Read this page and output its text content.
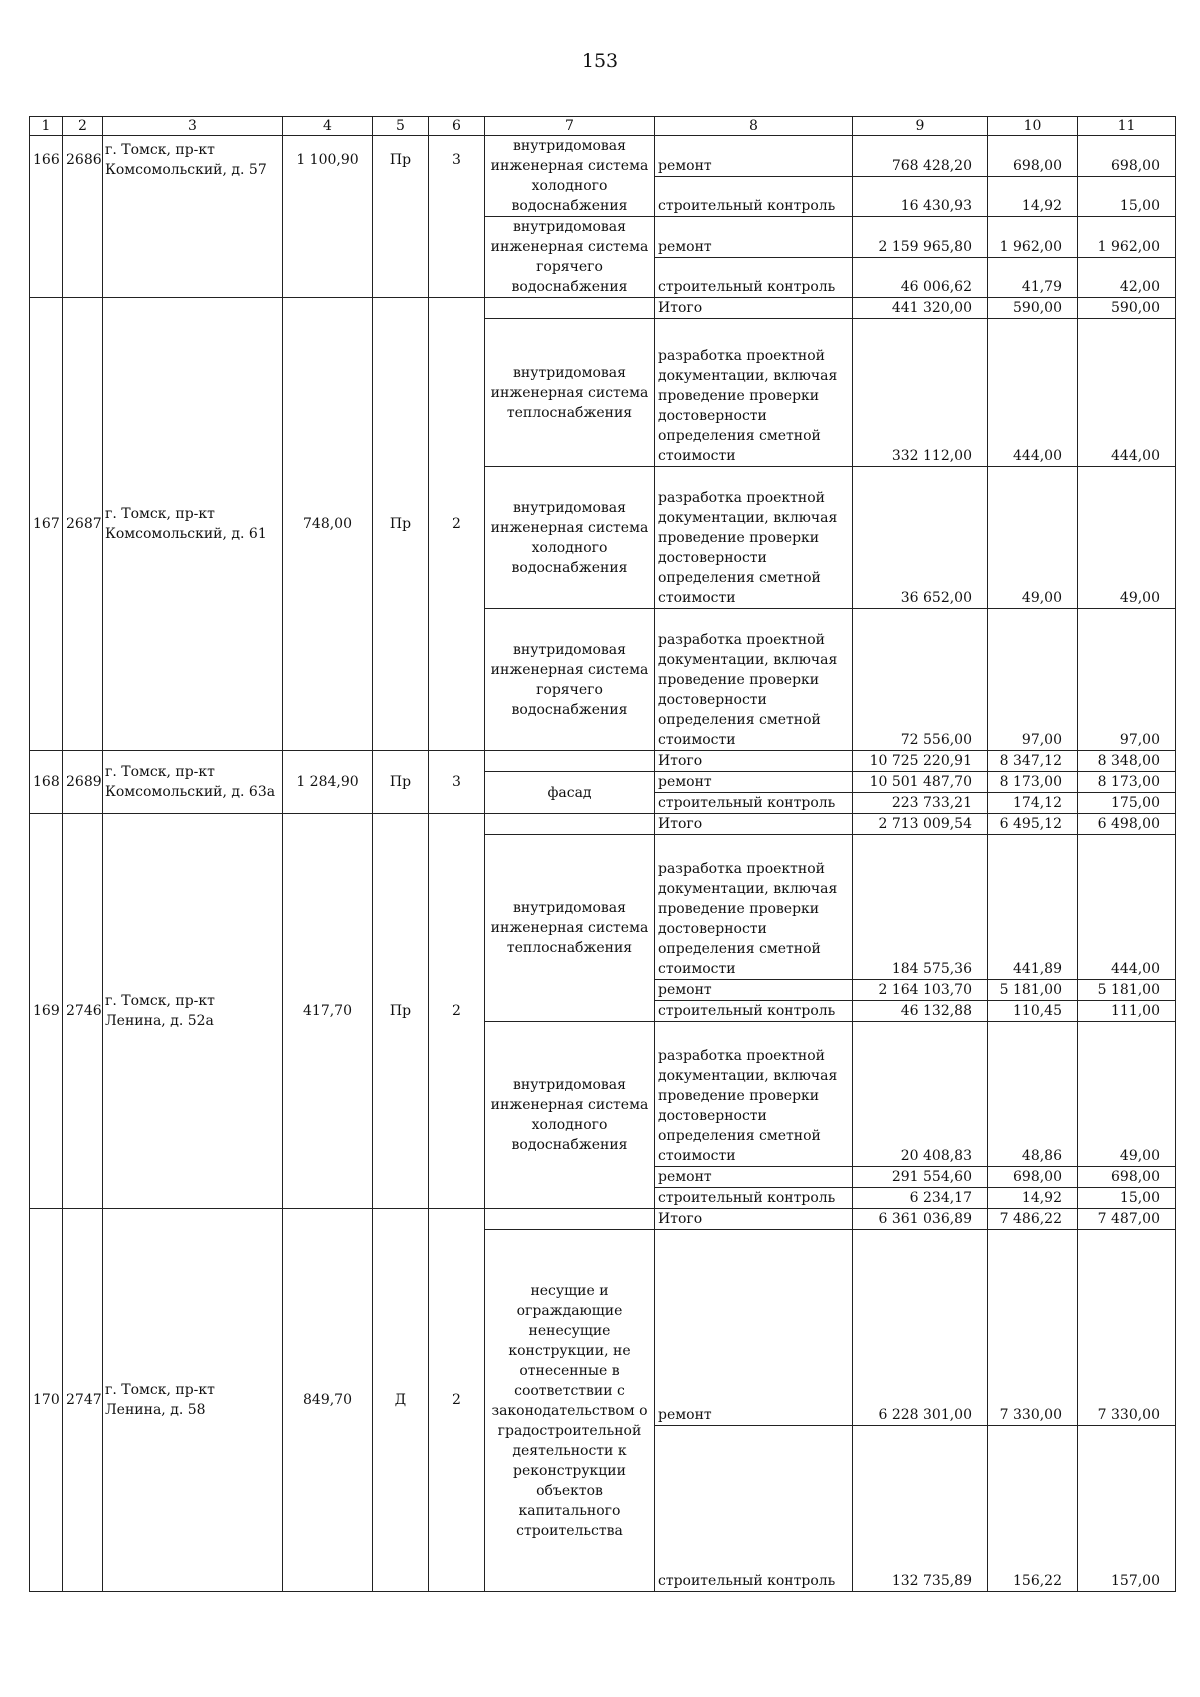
153
1	2	3	4	5	6	7	8	9	10	11
166	2686	г. Томск, пр-кт Комсомольский, д. 57	1 100,90	Пр	3	внутридомовая инженерная система холодного водоснабжения	ремонт	768 428,20	698,00	698,00
							строительный контроль	16 430,93	14,92	15,00
						внутридомовая инженерная система горячего водоснабжения	ремонт	2 159 965,80	1 962,00	1 962,00
							строительный контроль	46 006,62	41,79	42,00
167	2687	г. Томск, пр-кт Комсомольский, д. 61	748,00	Пр	2		Итого	441 320,00	590,00	590,00
						внутридомовая инженерная система теплоснабжения	разработка проектной документации, включая проведение проверки достоверности определения сметной стоимости	332 112,00	444,00	444,00
						внутридомовая инженерная система холодного водоснабжения	разработка проектной документации, включая проведение проверки достоверности определения сметной стоимости	36 652,00	49,00	49,00
						внутридомовая инженерная система горячего водоснабжения	разработка проектной документации, включая проведение проверки достоверности определения сметной стоимости	72 556,00	97,00	97,00
168	2689	г. Томск, пр-кт Комсомольский, д. 63а	1 284,90	Пр	3		Итого	10 725 220,91	8 347,12	8 348,00
						фасад	ремонт	10 501 487,70	8 173,00	8 173,00
							строительный контроль	223 733,21	174,12	175,00
169	2746	г. Томск, пр-кт Ленина, д. 52а	417,70	Пр	2		Итого	2 713 009,54	6 495,12	6 498,00
						внутридомовая инженерная система теплоснабжения	разработка проектной документации, включая проведение проверки достоверности определения сметной стоимости	184 575,36	441,89	444,00
							ремонт	2 164 103,70	5 181,00	5 181,00
							строительный контроль	46 132,88	110,45	111,00
						внутридомовая инженерная система холодного водоснабжения	разработка проектной документации, включая проведение проверки достоверности определения сметной стоимости	20 408,83	48,86	49,00
							ремонт	291 554,60	698,00	698,00
							строительный контроль	6 234,17	14,92	15,00
170	2747	г. Томск, пр-кт Ленина, д. 58	849,70	Д	2		Итого	6 361 036,89	7 486,22	7 487,00
						несущие и ограждающие ненесущие конструкции, не отнесенные в соответствии с законодательством о градостроительной деятельности к реконструкции объектов капитального строительства	ремонт	6 228 301,00	7 330,00	7 330,00
							строительный контроль	132 735,89	156,22	157,00
